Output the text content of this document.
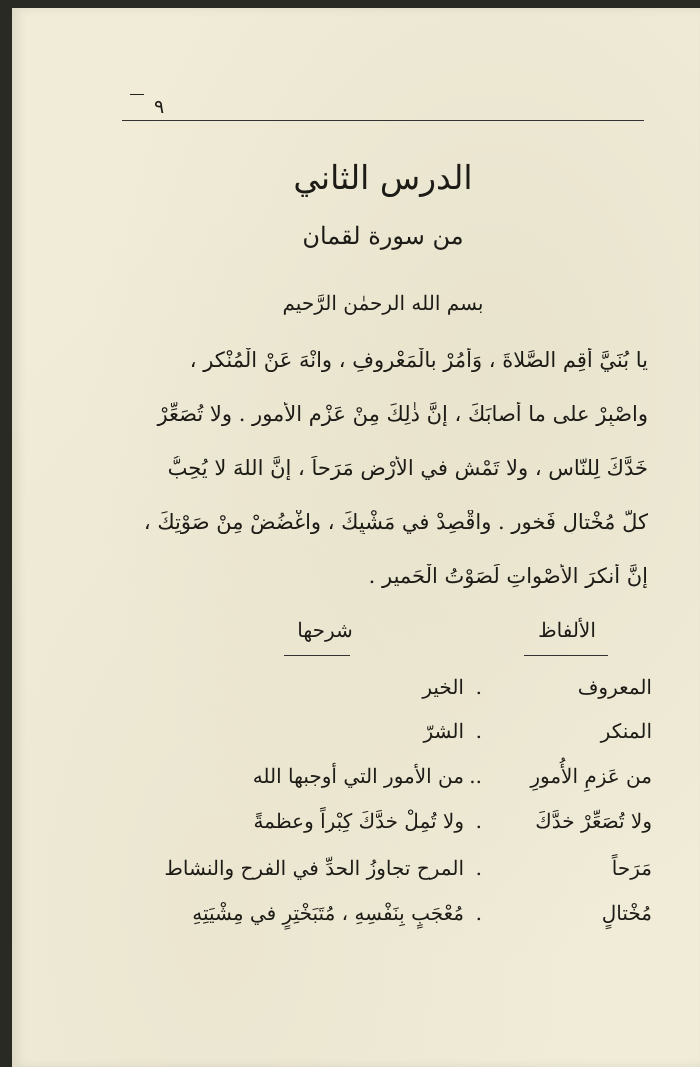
٩
الدرس الثاني
من سورة لقمان
بسم الله الرحمٰن الرَّحيم
يا بُنَيَّ أقِمِ الصَّلاةَ ، وَأْمُرْ بالْمَعْروفِ ، وانْهَ عَنْ الْمُنْكرِ ،
واصْبِرْ على ما أصابَكَ ، إنَّ ذٰلِكَ مِنْ عَزْمِ الأُمور . ولا تُصَعِّرْ
خَدَّكَ لِلنّاسِ ، ولا تَمْشِ في الأَرْضِ مَرَحاً ، إنَّ اللهَ لا يُحِبُّ
كلَّ مُخْتالٍ فَخورٍ . واقْصِدْ في مَشْيِكَ ، واغْضُضْ مِنْ صَوْتِكَ ،
إنَّ أنكرَ الأَصْواتِ لَصَوْتُ الْحَميرِ .
الألفاظ
شرحها
المعروف
.
الخير
المنكر
.
الشرّ
من عَزمِ الأُمورِ
..
من الأمور التي أوجبها الله
ولا تُصَعِّرْ خدَّكَ
.
ولا تُمِلْ خدَّكَ كِبْراً وعظمةً
مَرَحاً
.
المرح تجاوزُ الحدِّ في الفرح والنشاط
مُخْتالٍ
.
مُعْجَبٍ بِنَفْسِهِ ، مُتَبَخْتِرٍ في مِشْيَتِهِ
